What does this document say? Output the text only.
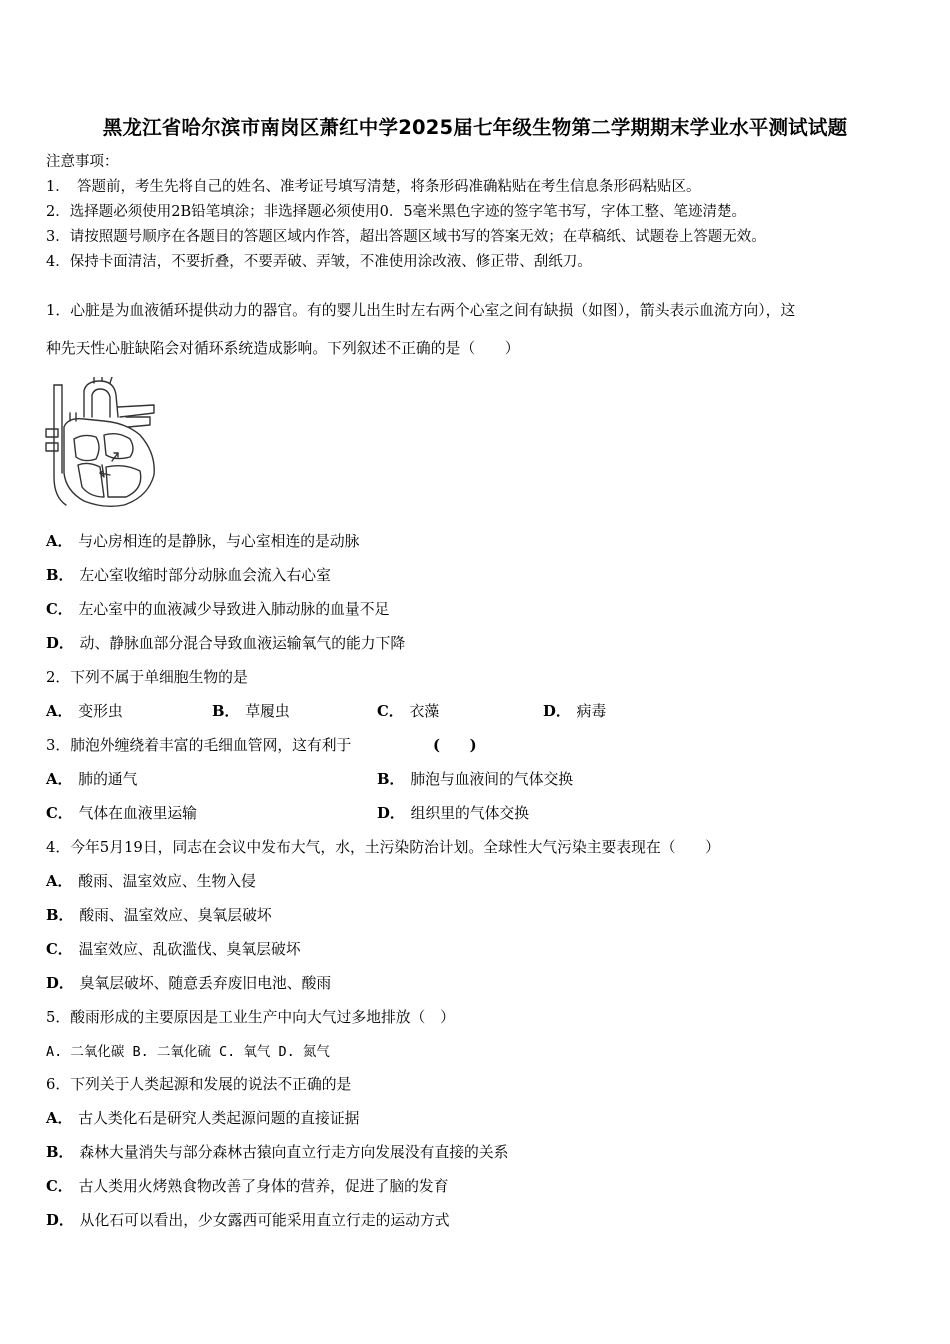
黑龙江省哈尔滨市南岗区萧红中学2025届七年级生物第二学期期末学业水平测试试题
注意事项：
1．　答题前，考生先将自己的姓名、准考证号填写清楚，将条形码准确粘贴在考生信息条形码粘贴区。
2．选择题必须使用2B铅笔填涂；非选择题必须使用0．5毫米黑色字迹的签字笔书写，字体工整、笔迹清楚。
3．请按照题号顺序在各题目的答题区域内作答，超出答题区域书写的答案无效；在草稿纸、试题卷上答题无效。
4．保持卡面清洁，不要折叠，不要弄破、弄皱，不准使用涂改液、修正带、刮纸刀。
1．心脏是为血液循环提供动力的器官。有的婴儿出生时左右两个心室之间有缺损（如图），箭头表示血流方向），这
种先天性心脏缺陷会对循环系统造成影响。下列叙述不正确的是（　　）
A． 与心房相连的是静脉，与心室相连的是动脉
B． 左心室收缩时部分动脉血会流入右心室
C． 左心室中的血液减少导致进入肺动脉的血量不足
D． 动、静脉血部分混合导致血液运输氧气的能力下降
2．下列不属于单细胞生物的是
A． 变形虫	B． 草履虫	C． 衣藻	D． 病毒
3．肺泡外缠绕着丰富的毛细血管网，这有利于	(　　)
A． 肺的通气	B． 肺泡与血液间的气体交换
C． 气体在血液里运输	D． 组织里的气体交换
4．今年5月19日，同志在会议中发布大气，水，土污染防治计划。全球性大气污染主要表现在（　　）
A． 酸雨、温室效应、生物入侵
B． 酸雨、温室效应、臭氧层破坏
C． 温室效应、乱砍滥伐、臭氧层破坏
D． 臭氧层破坏、随意丢弃废旧电池、酸雨
5．酸雨形成的主要原因是工业生产中向大气过多地排放（　）
A. 二氧化碳 B. 二氧化硫 C. 氧气 D. 氮气
6．下列关于人类起源和发展的说法不正确的是
A． 古人类化石是研究人类起源问题的直接证据
B． 森林大量消失与部分森林古猿向直立行走方向发展没有直接的关系
C． 古人类用火烤熟食物改善了身体的营养，促进了脑的发育
D． 从化石可以看出，少女露西可能采用直立行走的运动方式
